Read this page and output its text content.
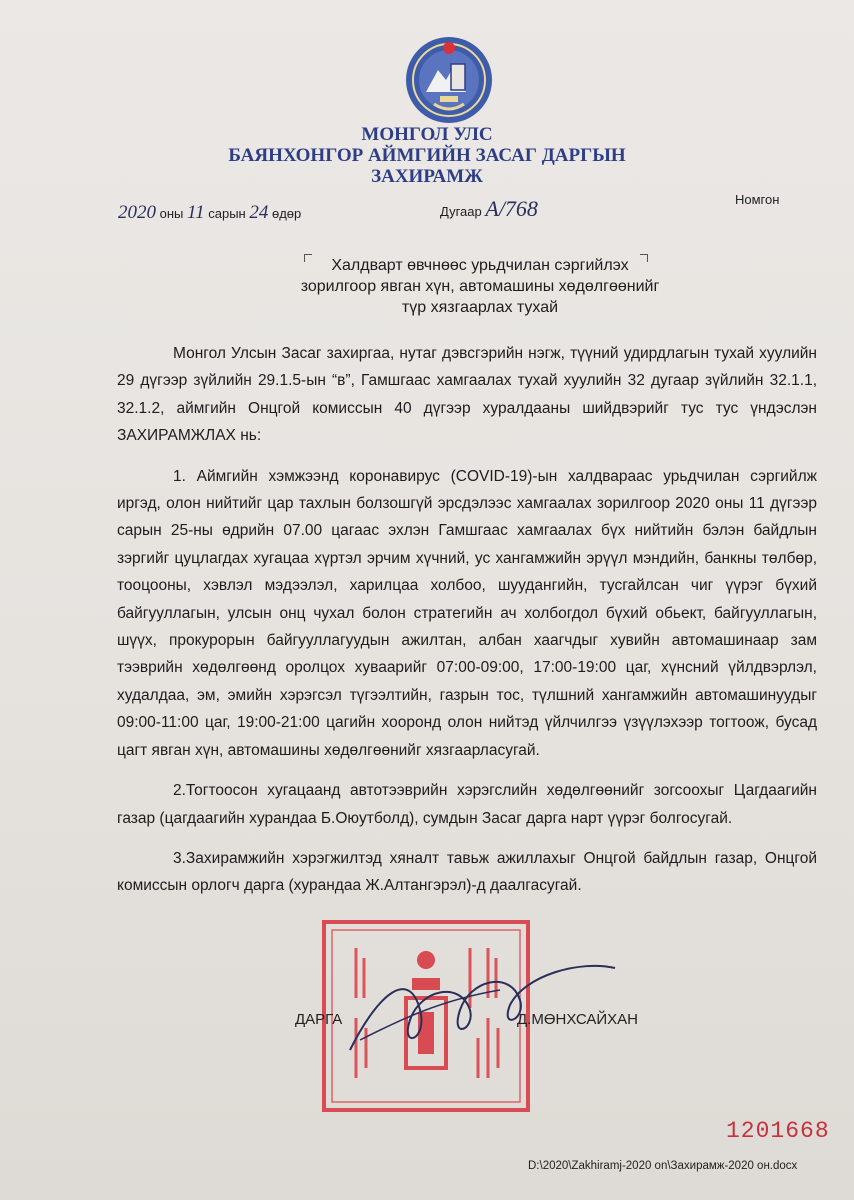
МОНГОЛ УЛС
БАЯНХОНГОР АЙМГИЙН ЗАСАГ ДАРГЫН
ЗАХИРАМЖ
2020 оны 11 сарын 24 өдөр	Дугаар А/768	Номгон
Халдварт өвчнөөс урьдчилан сэргийлэх
зорилгоор явган хүн, автомашины хөдөлгөөнийг
түр хязгаарлах тухай

Монгол Улсын Засаг захиргаа, нутаг дэвсгэрийн нэгж, түүний удирдлагын тухай хуулийн 29 дүгээр зүйлийн 29.1.5-ын “в”, Гамшгаас хамгаалах тухай хуулийн 32 дугаар зүйлийн 32.1.1, 32.1.2, аймгийн Онцгой комиссын 40 дүгээр хуралдааны шийдвэрийг тус тус үндэслэн ЗАХИРАМЖЛАХ нь:

1. Аймгийн хэмжээнд коронавирус (COVID-19)-ын халдвараас урьдчилан сэргийлж иргэд, олон нийтийг цар тахлын болзошгүй эрсдэлээс хамгаалах зорилгоор 2020 оны 11 дүгээр сарын 25-ны өдрийн 07.00 цагаас эхлэн Гамшгаас хамгаалах бүх нийтийн бэлэн байдлын зэргийг цуцлагдах хугацаа хүртэл эрчим хүчний, ус хангамжийн эрүүл мэндийн, банкны төлбөр, тооцооны, хэвлэл мэдээлэл, харилцаа холбоо, шуудангийн, тусгайлсан чиг үүрэг бүхий байгууллагын, улсын онц чухал болон стратегийн ач холбогдол бүхий обьект, байгууллагын, шүүх, прокурорын байгууллагуудын ажилтан, албан хаагчдыг хувийн автомашинаар зам тээврийн хөдөлгөөнд оролцох хуваарийг 07:00-09:00, 17:00-19:00 цаг, хүнсний үйлдвэрлэл, худалдаа, эм, эмийн хэрэгсэл түгээлтийн, газрын тос, түлшний хангамжийн автомашинуудыг 09:00-11:00 цаг, 19:00-21:00 цагийн хооронд олон нийтэд үйлчилгээ үзүүлэхээр тогтоож, бусад цагт явган хүн, автомашины хөдөлгөөнийг хязгаарласугай.

2.Тогтоосон хугацаанд автотээврийн хэрэгслийн хөдөлгөөнийг зогсоохыг Цагдаагийн газар (цагдаагийн хурандаа Б.Оюутболд), сумдын Засаг дарга нарт үүрэг болгосугай.

3.Захирамжийн хэрэгжилтэд хяналт тавьж ажиллахыг Онцгой байдлын газар, Онцгой комиссын орлогч дарга (хурандаа Ж.Алтангэрэл)-д даалгасугай.

ДАРГА	Д.МӨНХСАЙХАН
1201668
D:\2020\Zakhiramj-2020 on\Захирамж-2020 он.docx
